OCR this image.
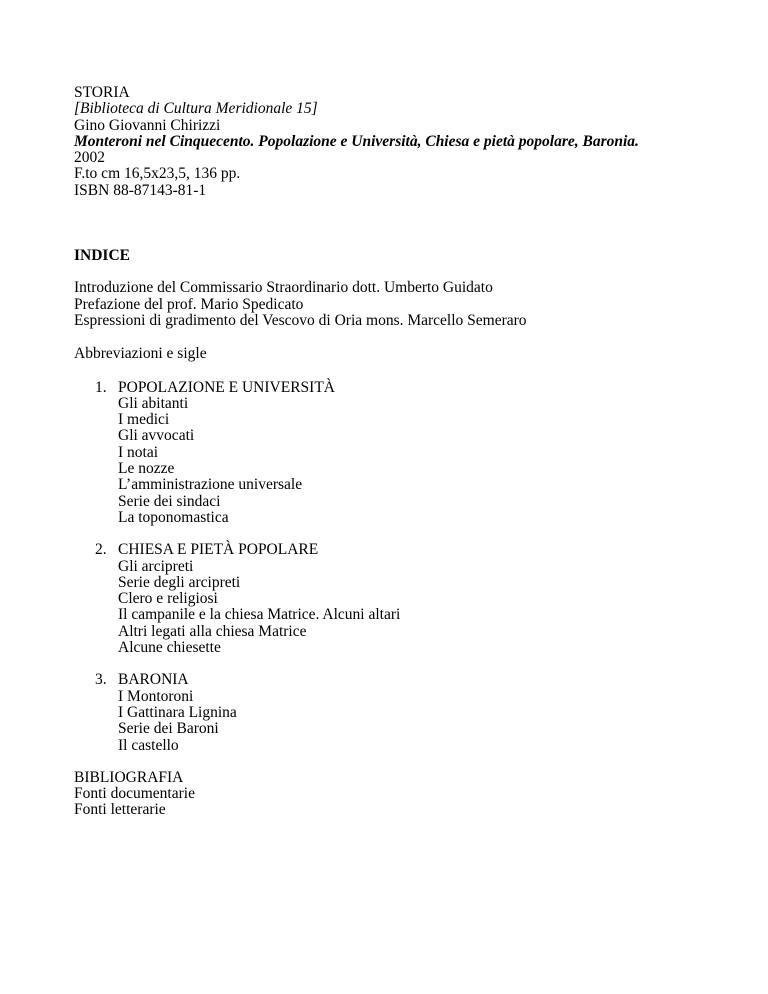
STORIA
[Biblioteca di Cultura Meridionale 15]
Gino Giovanni Chirizzi
Monteroni nel Cinquecento. Popolazione e Università, Chiesa e pietà popolare, Baronia.
2002
F.to cm 16,5x23,5, 136 pp.
ISBN 88-87143-81-1
INDICE
Introduzione del Commissario Straordinario dott. Umberto Guidato
Prefazione del prof. Mario Spedicato
Espressioni di gradimento del Vescovo di Oria mons. Marcello Semeraro
Abbreviazioni e sigle
1. POPOLAZIONE E UNIVERSITÀ
Gli abitanti
I medici
Gli avvocati
I notai
Le nozze
L’amministrazione universale
Serie dei sindaci
La toponomastica
2. CHIESA E PIETÀ POPOLARE
Gli arcipreti
Serie degli arcipreti
Clero e religiosi
Il campanile e la chiesa Matrice. Alcuni altari
Altri legati alla chiesa Matrice
Alcune chiesette
3. BARONIA
I Montoroni
I Gattinara Lignina
Serie dei Baroni
Il castello
BIBLIOGRAFIA
Fonti documentarie
Fonti letterarie
